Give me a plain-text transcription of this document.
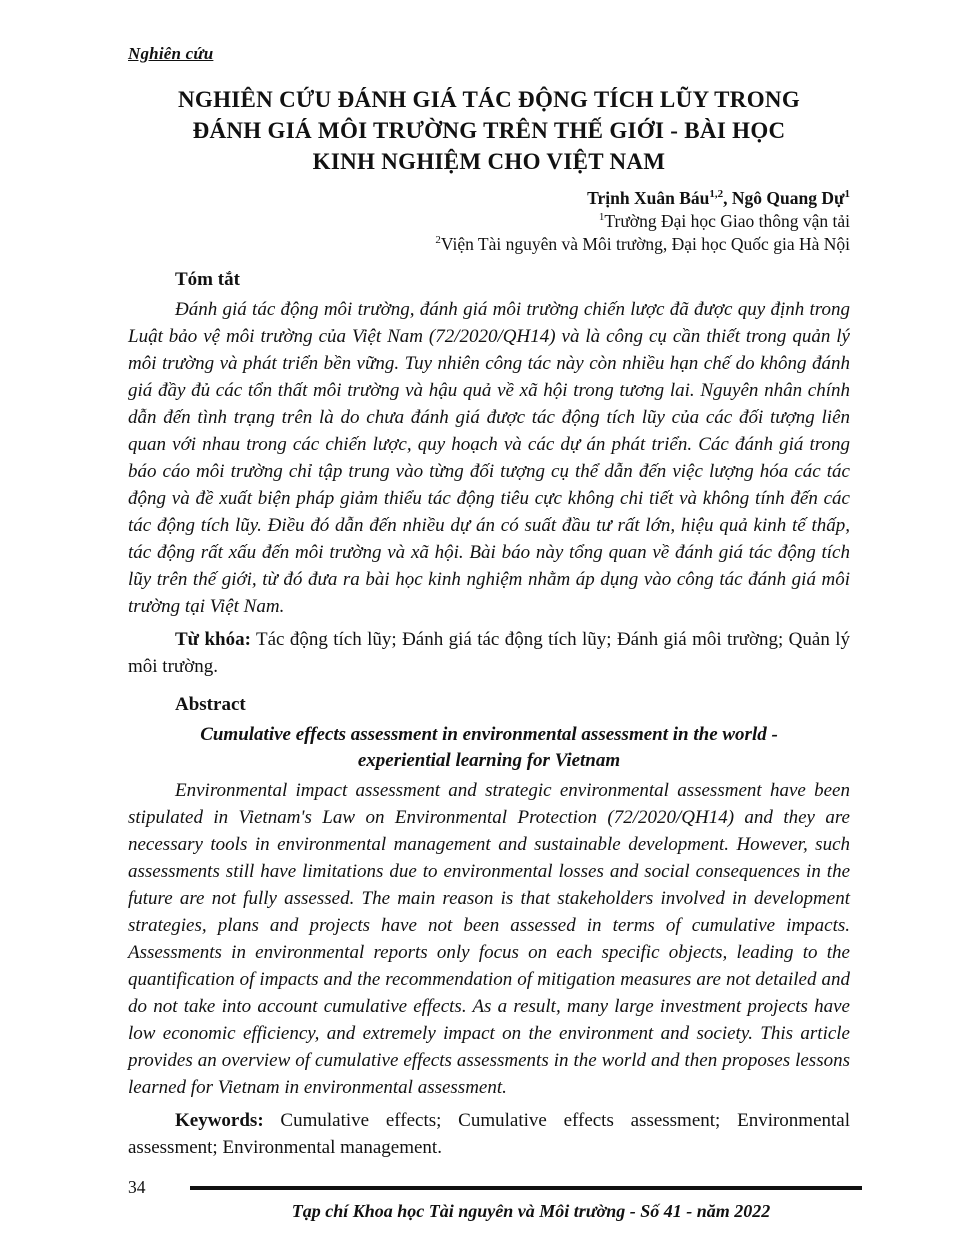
Nghiên cứu
NGHIÊN CỨU ĐÁNH GIÁ TÁC ĐỘNG TÍCH LŨY TRONG
ĐÁNH GIÁ MÔI TRƯỜNG TRÊN THẾ GIỚI - BÀI HỌC
KINH NGHIỆM CHO VIỆT NAM
Trịnh Xuân Báu$^{1,2}$, Ngô Quang Dự$^1$
$^1$Trường Đại học Giao thông vận tải
$^2$Viện Tài nguyên và Môi trường, Đại học Quốc gia Hà Nội
Tóm tắt

Đánh giá tác động môi trường, đánh giá môi trường chiến lược đã được quy định trong Luật bảo vệ môi trường của Việt Nam (72/2020/QH14) và là công cụ cần thiết trong quản lý môi trường và phát triển bền vững. Tuy nhiên công tác này còn nhiều hạn chế do không đánh giá đầy đủ các tổn thất môi trường và hậu quả về xã hội trong tương lai. Nguyên nhân chính dẫn đến tình trạng trên là do chưa đánh giá được tác động tích lũy của các đối tượng liên quan với nhau trong các chiến lược, quy hoạch và các dự án phát triển. Các đánh giá trong báo cáo môi trường chỉ tập trung vào từng đối tượng cụ thể dẫn đến việc lượng hóa các tác động và đề xuất biện pháp giảm thiểu tác động tiêu cực không chi tiết và không tính đến các tác động tích lũy. Điều đó dẫn đến nhiều dự án có suất đầu tư rất lớn, hiệu quả kinh tế thấp, tác động rất xấu đến môi trường và xã hội. Bài báo này tổng quan về đánh giá tác động tích lũy trên thế giới, từ đó đưa ra bài học kinh nghiệm nhằm áp dụng vào công tác đánh giá môi trường tại Việt Nam.

Từ khóa: Tác động tích lũy; Đánh giá tác động tích lũy; Đánh giá môi trường; Quản lý môi trường.

Abstract
Cumulative effects assessment in environmental assessment in the world -
experiential learning for Vietnam

Environmental impact assessment and strategic environmental assessment have been stipulated in Vietnam's Law on Environmental Protection (72/2020/QH14) and they are necessary tools in environmental management and sustainable development. However, such assessments still have limitations due to environmental losses and social consequences in the future are not fully assessed. The main reason is that stakeholders involved in development strategies, plans and projects have not been assessed in terms of cumulative impacts. Assessments in environmental reports only focus on each specific objects, leading to the quantification of impacts and the recommendation of mitigation measures are not detailed and do not take into account cumulative effects. As a result, many large investment projects have low economic efficiency, and extremely impact on the environment and society. This article provides an overview of cumulative effects assessments in the world and then proposes lessons learned for Vietnam in environmental assessment.

Keywords: Cumulative effects; Cumulative effects assessment; Environmental assessment; Environmental management.

34
Tạp chí Khoa học Tài nguyên và Môi trường - Số 41 - năm 2022
